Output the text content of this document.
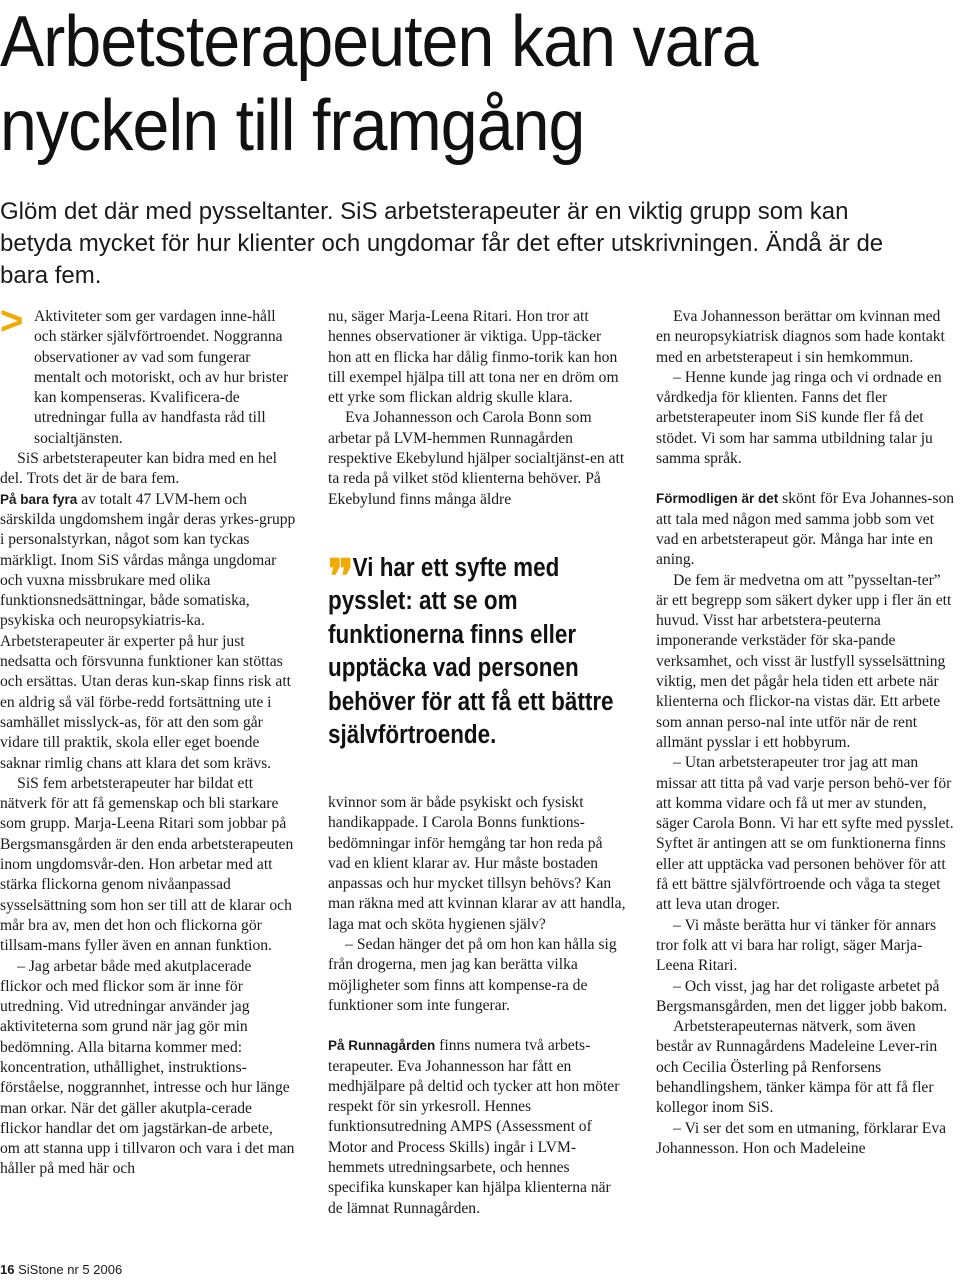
Arbetsterapeuten kan vara
nyckeln till framgång

Glöm det där med pysseltanter. SiS arbetsterapeuter är en viktig grupp som kan betyda mycket för hur klienter och ungdomar får det efter utskrivningen. Ändå är de bara fem.

> Aktiviteter som ger vardagen inne-håll och stärker självförtroendet. Noggranna observationer av vad som fungerar mentalt och motoriskt, och av hur brister kan kompenseras. Kvalificera-de utredningar fulla av handfasta råd till socialtjänsten.

SiS arbetsterapeuter kan bidra med en hel del. Trots det är de bara fem.

På bara fyra av totalt 47 LVM-hem och särskilda ungdomshem ingår deras yrkes-grupp i personalstyrkan, något som kan tyckas märkligt. Inom SiS vårdas många ungdomar och vuxna missbrukare med olika funktionsnedsättningar, både somatiska, psykiska och neuropsykiatris-ka. Arbetsterapeuter är experter på hur just nedsatta och försvunna funktioner kan stöttas och ersättas. Utan deras kun-skap finns risk att en aldrig så väl förbe-redd fortsättning ute i samhället misslyck-as, för att den som går vidare till praktik, skola eller eget boende saknar rimlig chans att klara det som krävs.

SiS fem arbetsterapeuter har bildat ett nätverk för att få gemenskap och bli starkare som grupp. Marja-Leena Ritari som jobbar på Bergsmansgården är den enda arbetsterapeuten inom ungdomsvår-den. Hon arbetar med att stärka flickorna genom nivåanpassad sysselsättning som hon ser till att de klarar och mår bra av, men det hon och flickorna gör tillsam-mans fyller även en annan funktion.

– Jag arbetar både med akutplacerade flickor och med flickor som är inne för utredning. Vid utredningar använder jag aktiviteterna som grund när jag gör min bedömning. Alla bitarna kommer med: koncentration, uthållighet, instruktions-förståelse, noggrannhet, intresse och hur länge man orkar. När det gäller akutpla-cerade flickor handlar det om jagstärkan-de arbete, om att stanna upp i tillvaron och vara i det man håller på med här och

nu, säger Marja-Leena Ritari. Hon tror att hennes observationer är viktiga. Upp-täcker hon att en flicka har dålig finmo-torik kan hon till exempel hjälpa till att tona ner en dröm om ett yrke som flickan aldrig skulle klara.

Eva Johannesson och Carola Bonn som arbetar på LVM-hemmen Runnagården respektive Ekebylund hjälper socialtjänst-en att ta reda på vilket stöd klienterna behöver. På Ekebylund finns många äldre

❜❜ Vi har ett syfte med pysslet: att se om funktionerna finns eller upptäcka vad personen behöver för att få ett bättre självförtroende.

kvinnor som är både psykiskt och fysiskt handikappade. I Carola Bonns funktions-bedömningar inför hemgång tar hon reda på vad en klient klarar av. Hur måste bostaden anpassas och hur mycket tillsyn behövs? Kan man räkna med att kvinnan klarar av att handla, laga mat och sköta hygienen själv?

– Sedan hänger det på om hon kan hålla sig från drogerna, men jag kan berätta vilka möjligheter som finns att kompense-ra de funktioner som inte fungerar.

På Runnagården finns numera två arbets-terapeuter. Eva Johannesson har fått en medhjälpare på deltid och tycker att hon möter respekt för sin yrkesroll. Hennes funktionsutredning AMPS (Assessment of Motor and Process Skills) ingår i LVM-hemmets utredningsarbete, och hennes specifika kunskaper kan hjälpa klienterna när de lämnat Runnagården.

Eva Johannesson berättar om kvinnan med en neuropsykiatrisk diagnos som hade kontakt med en arbetsterapeut i sin hemkommun.

– Henne kunde jag ringa och vi ordnade en vårdkedja för klienten. Fanns det fler arbetsterapeuter inom SiS kunde fler få det stödet. Vi som har samma utbildning talar ju samma språk.

Förmodligen är det skönt för Eva Johannes-son att tala med någon med samma jobb som vet vad en arbetsterapeut gör. Många har inte en aning.

De fem är medvetna om att ”pysseltan-ter” är ett begrepp som säkert dyker upp i fler än ett huvud. Visst har arbetstera-peuterna imponerande verkstäder för ska-pande verksamhet, och visst är lustfyll sysselsättning viktig, men det pågår hela tiden ett arbete när klienterna och flickor-na vistas där. Ett arbete som annan perso-nal inte utför när de rent allmänt pysslar i ett hobbyrum.

– Utan arbetsterapeuter tror jag att man missar att titta på vad varje person behö-ver för att komma vidare och få ut mer av stunden, säger Carola Bonn. Vi har ett syfte med pysslet. Syftet är antingen att se om funktionerna finns eller att upptäcka vad personen behöver för att få ett bättre självförtroende och våga ta steget att leva utan droger.

– Vi måste berätta hur vi tänker för annars tror folk att vi bara har roligt, säger Marja-Leena Ritari.

– Och visst, jag har det roligaste arbetet på Bergsmansgården, men det ligger jobb bakom.

Arbetsterapeuternas nätverk, som även består av Runnagårdens Madeleine Lever-rin och Cecilia Österling på Renforsens behandlingshem, tänker kämpa för att få fler kollegor inom SiS.

– Vi ser det som en utmaning, förklarar Eva Johannesson. Hon och Madeleine

16 SiStone nr 5 2006
